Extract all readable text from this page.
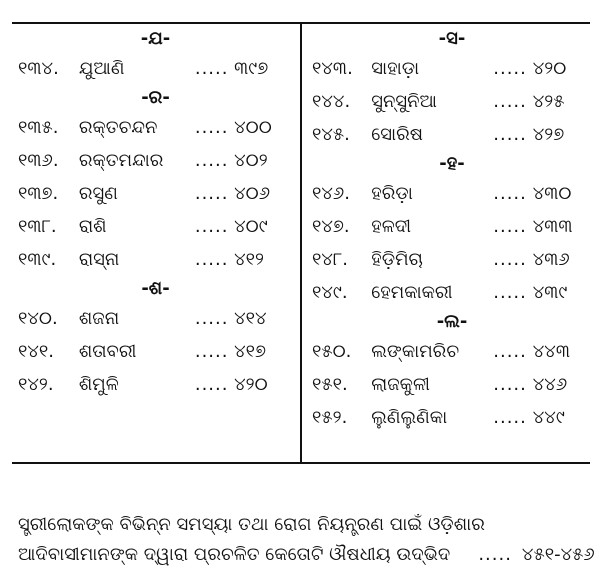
-ଯ-
୧୩୪.	ଯୁଆଣି	..... ୩୯୭
-ର-
୧୩୫.	ରକ୍ତଚନ୍ଦନ	..... ୪୦୦
୧୩୬.	ରକ୍ତମନ୍ଦାର	..... ୪୦୨
୧୩୭.	ରସୁଣ	..... ୪୦୬
୧୩୮.	ରାଶି	..... ୪୦୯
୧୩୯.	ରାସ୍ନା	..... ୪୧୨
-ଶ-
୧୪୦.	ଶଜନା	..... ୪୧୪
୧୪୧.	ଶତାବରୀ	..... ୪୧୭
୧୪୨.	ଶିମୁଳି	..... ୪୨୦
-ସ-
୧୪୩.	ସାହାଡ଼ା	..... ୪୨୦
୧୪୪.	ସୁନ୍‌ସୁନିଆ	..... ୪୨୫
୧୪୫.	ସୋରିଷ	..... ୪୨୭
-ହ-
୧୪୬.	ହରିଡ଼ା	..... ୪୩୦
୧୪୭.	ହଳଦୀ	..... ୪୩୩
୧୪୮.	ହିଡ଼ିମିଚା	..... ୪୩୬
୧୪୯.	ହେମକାକରୀ	..... ୪୩୯
-ଲ-
୧୫୦.	ଲଙ୍କାମରିଚ	..... ୪୪୩
୧୫୧.	ଲାଜକୁଳୀ	..... ୪୪୬
୧୫୨.	ଲୁଣିଲୁଣିକା	..... ୪୪୯
ସ୍ତ୍ରୀଲୋକଙ୍କ ବିଭିନ୍ନ ସମସ୍ୟା ତଥା ରୋଗ ନିୟନ୍ତ୍ରଣ ପାଇଁ ଓଡ଼ିଶାର
ଆଦିବାସୀମାନଙ୍କ ଦ୍ୱାରା ପ୍ରଚଳିତ କେତୋଟି ଔଷଧୀୟ ଉଦ୍ଭିଦ ..... ୪୫୧-୪୫୬
